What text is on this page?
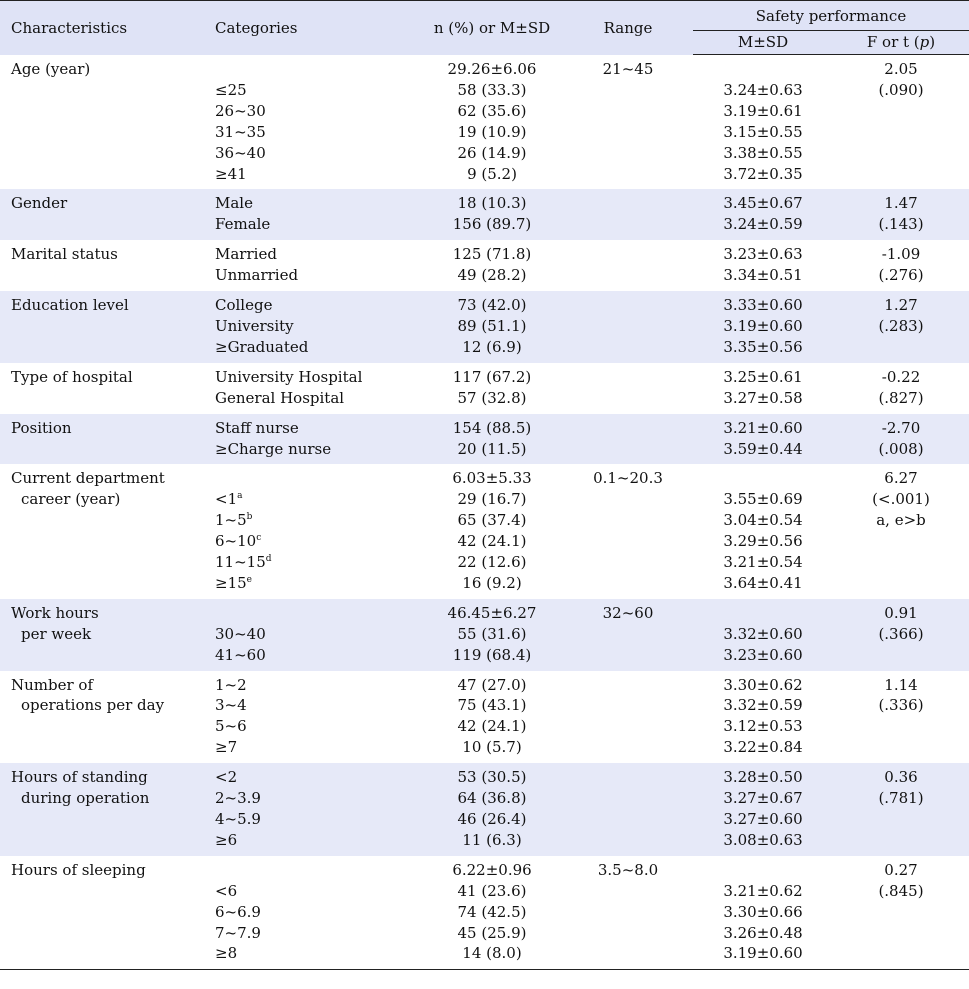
Characteristics	Categories	n (%) or M±SD	Range	Safety performance	
				M±SD	F or t (p)
Age (year)		29.26±6.06	21~45		2.05
	≤25	58 (33.3)		3.24±0.63	(.090)
	26~30	62 (35.6)		3.19±0.61	
	31~35	19 (10.9)		3.15±0.55	
	36~40	26 (14.9)		3.38±0.55	
	≥41	9 (5.2)		3.72±0.35	
Gender	Male	18 (10.3)		3.45±0.67	1.47
	Female	156 (89.7)		3.24±0.59	(.143)
Marital status	Married	125 (71.8)		3.23±0.63	-1.09
	Unmarried	49 (28.2)		3.34±0.51	(.276)
Education level	College	73 (42.0)		3.33±0.60	1.27
	University	89 (51.1)		3.19±0.60	(.283)
	≥Graduated	12 (6.9)		3.35±0.56	
Type of hospital	University Hospital	117 (67.2)		3.25±0.61	-0.22
	General Hospital	57 (32.8)		3.27±0.58	(.827)
Position	Staff nurse	154 (88.5)		3.21±0.60	-2.70
	≥Charge nurse	20 (11.5)		3.59±0.44	(.008)
Current department		6.03±5.33	0.1~20.3		6.27
career (year)	$<1^a$	29 (16.7)		3.55±0.69	(<.001)
	1~5$^b$	65 (37.4)		3.04±0.54	a, e>b
	6~10$^c$	42 (24.1)		3.29±0.56	
	11~15$^d$	22 (12.6)		3.21±0.54	
	$\ge 15^e$	16 (9.2)		3.64±0.41	
Work hours		46.45±6.27	32~60		0.91
per week	30~40	55 (31.6)		3.32±0.60	(.366)
	41~60	119 (68.4)		3.23±0.60	
Number of	1~2	47 (27.0)		3.30±0.62	1.14
operations per day	3~4	75 (43.1)		3.32±0.59	(.336)
	5~6	42 (24.1)		3.12±0.53	
	≥7	10 (5.7)		3.22±0.84	
Hours of standing	<2	53 (30.5)		3.28±0.50	0.36
during operation	2~3.9	64 (36.8)		3.27±0.67	(.781)
	4~5.9	46 (26.4)		3.27±0.60	
	≥6	11 (6.3)		3.08±0.63	
Hours of sleeping		6.22±0.96	3.5~8.0		0.27
	<6	41 (23.6)		3.21±0.62	(.845)
	6~6.9	74 (42.5)		3.30±0.66	
	7~7.9	45 (25.9)		3.26±0.48	
	≥8	14 (8.0)		3.19±0.60	
